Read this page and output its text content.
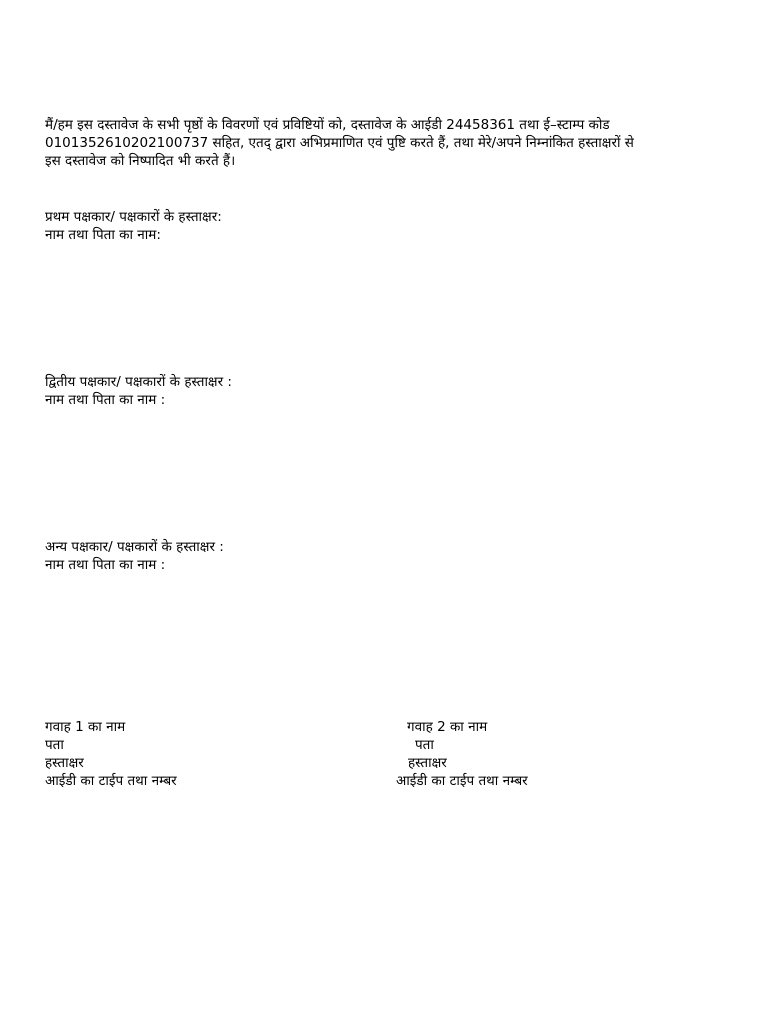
मैं/हम इस दस्तावेज के सभी पृष्ठों के विवरणों एवं प्रविष्टियों को, दस्तावेज के आईडी 24458361 तथा ई–स्टाम्प कोड
0101352610202100737 सहित, एतद् द्वारा अभिप्रमाणित एवं पुष्टि करते हैं, तथा मेरे/अपने निम्नांकित हस्ताक्षरों से
इस दस्तावेज को निष्पादित भी करते हैं।
प्रथम पक्षकार/ पक्षकारों के हस्ताक्षर:
नाम तथा पिता का नाम:
द्वितीय पक्षकार/ पक्षकारों के हस्ताक्षर :
नाम तथा पिता का नाम :
अन्य पक्षकार/ पक्षकारों के हस्ताक्षर :
नाम तथा पिता का नाम :
गवाह 1 का नाम
पता
हस्ताक्षर
आईडी का टाईप तथा नम्बर
गवाह 2 का नाम
पता
हस्ताक्षर
आईडी का टाईप तथा नम्बर
